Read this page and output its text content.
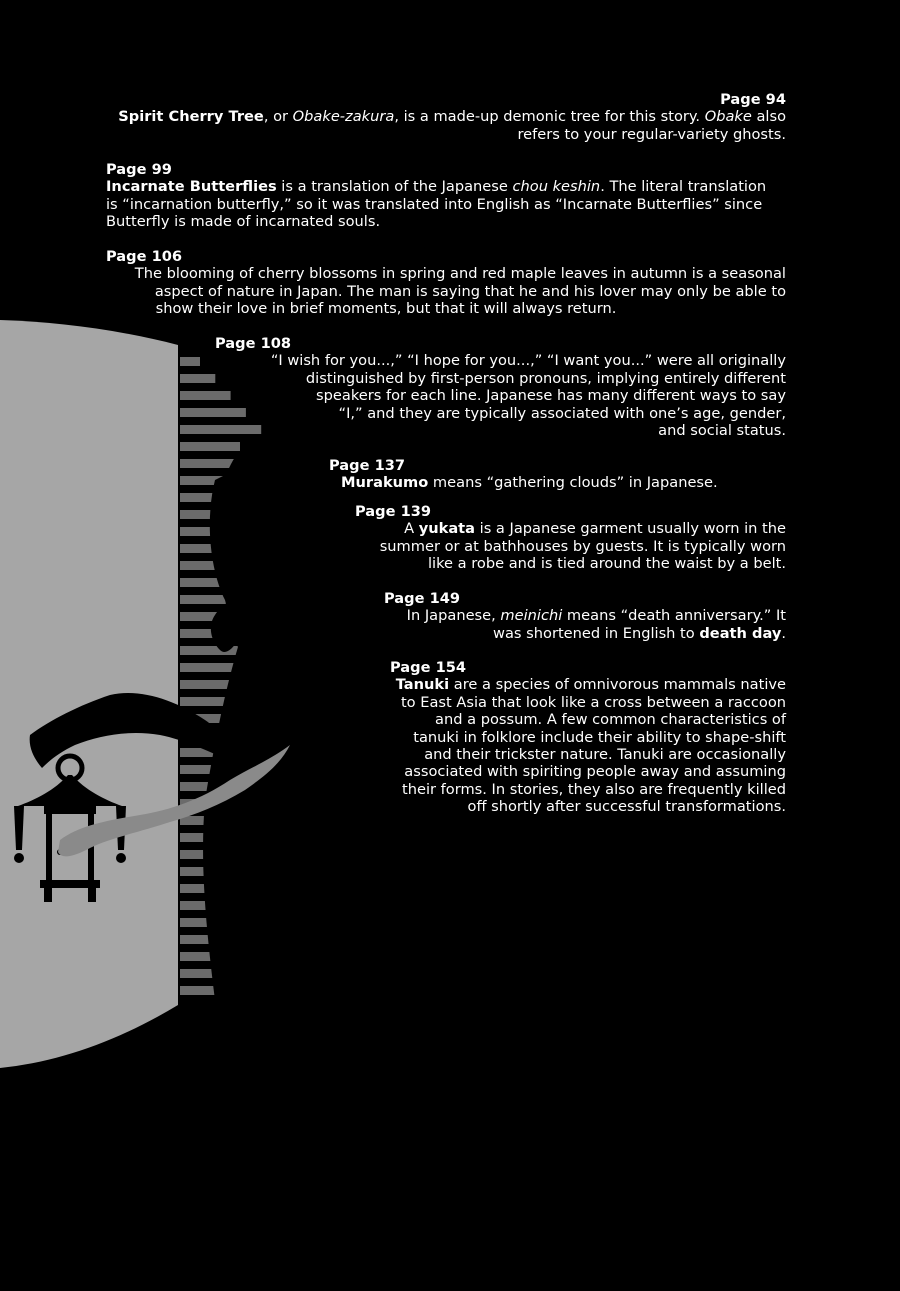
Page 94
Spirit Cherry Tree, or Obake-zakura, is a made-up demonic tree for this story. Obake also
refers to your regular-variety ghosts.
Page 99
Incarnate Butterflies is a translation of the Japanese chou keshin. The literal translation
is “incarnation butterfly,” so it was translated into English as “Incarnate Butterflies” since
Butterfly is made of incarnated souls.
Page 106
The blooming of cherry blossoms in spring and red maple leaves in autumn is a seasonal
aspect of nature in Japan. The man is saying that he and his lover may only be able to
show their love in brief moments, but that it will always return.
Page 108
“I wish for you...,” “I hope for you...,” “I want you...” were all originally
distinguished by first-person pronouns, implying entirely different
speakers for each line. Japanese has many different ways to say
“I,” and they are typically associated with one’s age, gender,
and social status.
Page 137
Murakumo means “gathering clouds” in Japanese.
Page 139
A yukata is a Japanese garment usually worn in the
summer or at bathhouses by guests. It is typically worn
like a robe and is tied around the waist by a belt.
Page 149
In Japanese, meinichi means “death anniversary.” It
was shortened in English to death day.
Page 154
Tanuki are a species of omnivorous mammals native
to East Asia that look like a cross between a raccoon
and a possum. A few common characteristics of
tanuki in folklore include their ability to shape-shift
and their trickster nature. Tanuki are occasionally
associated with spiriting people away and assuming
their forms. In stories, they also are frequently killed
off shortly after successful transformations.
